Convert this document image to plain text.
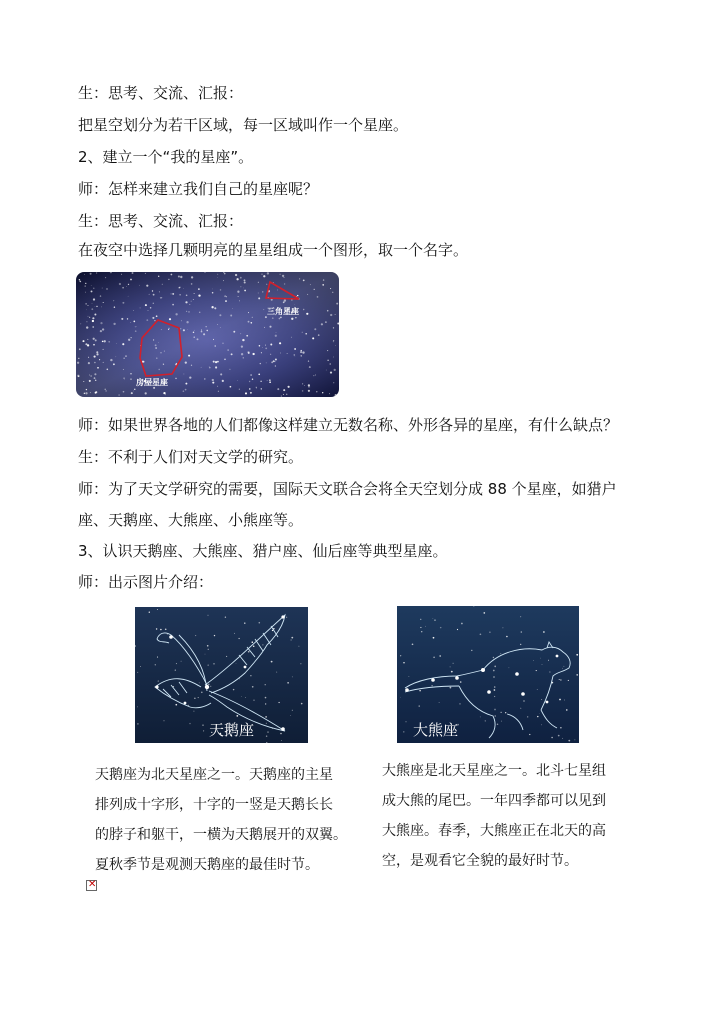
生：思考、交流、汇报：
把星空划分为若干区域，每一区域叫作一个星座。
2、建立一个“我的星座”。
师：怎样来建立我们自己的星座呢？
生：思考、交流、汇报：
在夜空中选择几颗明亮的星星组成一个图形，取一个名字。
三角星座
房屋星座
师：如果世界各地的人们都像这样建立无数名称、外形各异的星座，有什么缺点？
生：不利于人们对天文学的研究。
师：为了天文学研究的需要，国际天文联合会将全天空划分成 88 个星座，如猎户
座、天鹅座、大熊座、小熊座等。
3、认识天鹅座、大熊座、猎户座、仙后座等典型星座。
师：出示图片介绍：
天鹅座	大熊座
天鹅座为北天星座之一。天鹅座的主星
排列成十字形，十字的一竖是天鹅长长
的脖子和躯干，一横为天鹅展开的双翼。
夏秋季节是观测天鹅座的最佳时节。
大熊座是北天星座之一。北斗七星组
成大熊的尾巴。一年四季都可以见到
大熊座。春季，大熊座正在北天的高
空，是观看它全貌的最好时节。
✕
